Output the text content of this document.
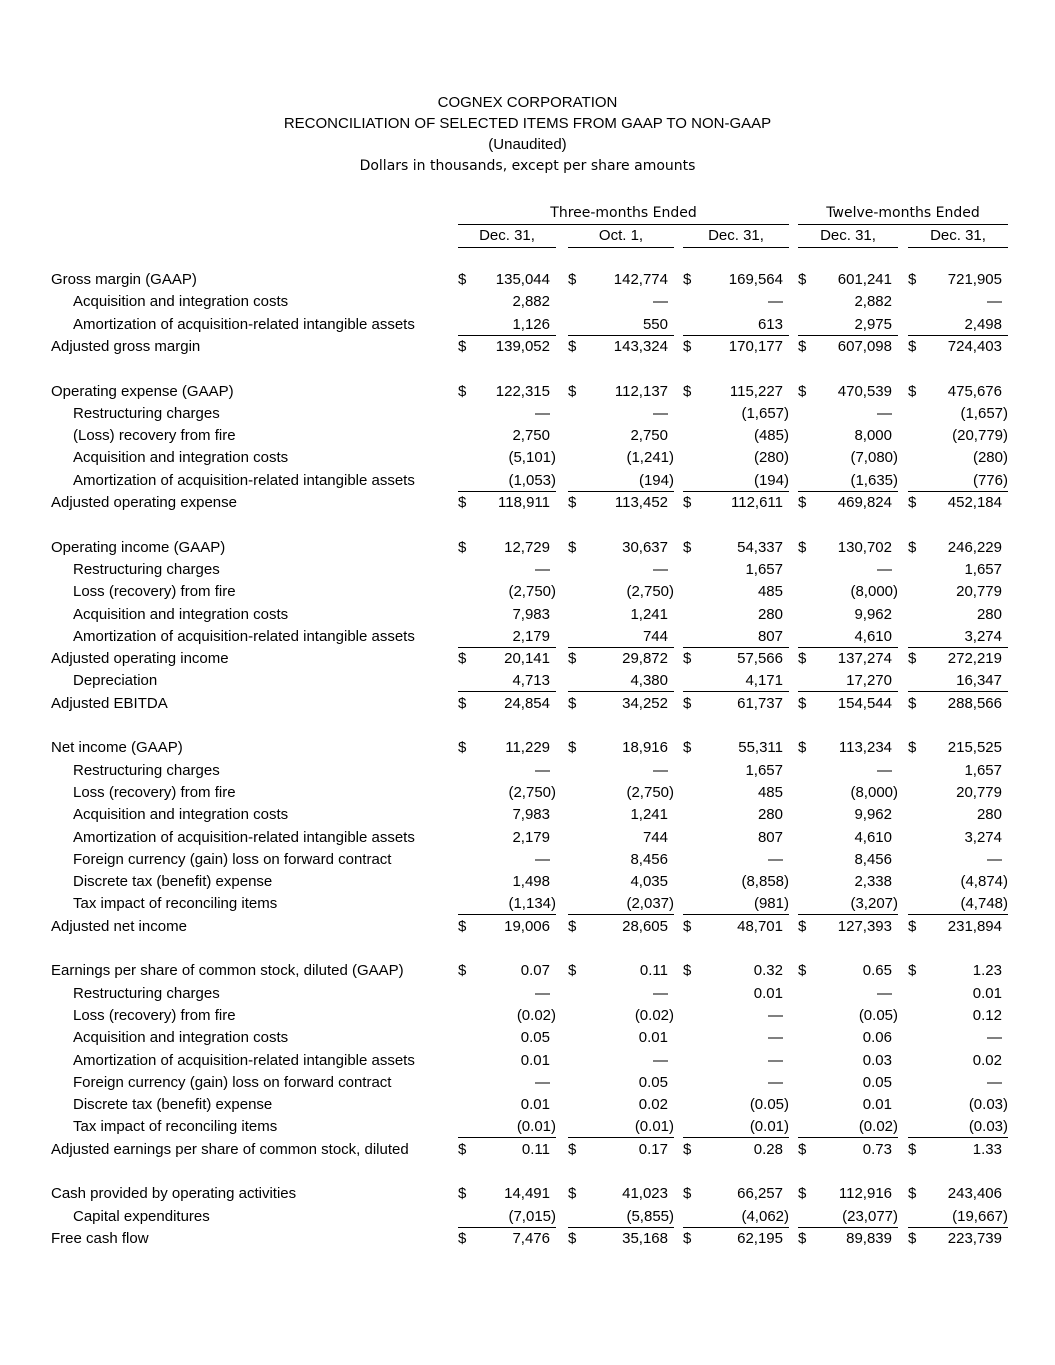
COGNEX CORPORATION
RECONCILIATION OF SELECTED ITEMS FROM GAAP TO NON-GAAP
(Unaudited)
Dollars in thousands, except per share amounts
Three-months Ended	Twelve-months Ended
Dec. 31,	Oct. 1,	Dec. 31,	Dec. 31,	Dec. 31,
Gross margin (GAAP)	$ 135,044 $ 142,774 $ 169,564 $ 601,241 $ 721,905
Acquisition and integration costs	2,882	—	—	2,882	—
Amortization of acquisition-related intangible assets	1,126	550	613	2,975	2,498
Adjusted gross margin	$ 139,052 $ 143,324 $ 170,177 $ 607,098 $ 724,403
Operating expense (GAAP)	$ 122,315 $	112,137 $	115,227 $ 470,539 $ 475,676
Restructuring charges	—	—	(1,657)	—	(1,657)
(Loss) recovery from fire	2,750	2,750	(485)	8,000	(20,779)
Acquisition and integration costs	(5,101)	(1,241)	(280)	(7,080)	(280)
Amortization of acquisition-related intangible assets	(1,053)	(194)	(194)	(1,635)	(776)
Adjusted operating expense	$ 118,911 $	113,452 $	112,611 $ 469,824 $ 452,184
Operating income (GAAP)	$	12,729 $	30,637 $	54,337 $ 130,702 $ 246,229
Restructuring charges	—	—	1,657	—	1,657
Loss (recovery) from fire	(2,750)	(2,750)	485	(8,000)	20,779
Acquisition and integration costs	7,983	1,241	280	9,962	280
Amortization of acquisition-related intangible assets	2,179	744	807	4,610	3,274
Adjusted operating income	$	20,141 $	29,872 $	57,566 $ 137,274 $ 272,219
Depreciation	4,713	4,380	4,171	17,270	16,347
Adjusted EBITDA	$	24,854 $	34,252 $	61,737 $ 154,544 $ 288,566
Net income (GAAP)	$	11,229 $	18,916 $	55,311 $ 113,234 $ 215,525
Restructuring charges	—	—	1,657	—	1,657
Loss (recovery) from fire	(2,750)	(2,750)	485	(8,000)	20,779
Acquisition and integration costs	7,983	1,241	280	9,962	280
Amortization of acquisition-related intangible assets	2,179	744	807	4,610	3,274
Foreign currency (gain) loss on forward contract	—	8,456	—	8,456	—
Discrete tax (benefit) expense	1,498	4,035	(8,858)	2,338	(4,874)
Tax impact of reconciling items	(1,134)	(2,037)	(981)	(3,207)	(4,748)
Adjusted net income	$	19,006 $	28,605 $	48,701 $ 127,393 $ 231,894
Earnings per share of common stock, diluted (GAAP)	$	0.07 $	0.11 $	0.32 $	0.65 $	1.23
Restructuring charges	—	—	0.01	—	0.01
Loss (recovery) from fire	(0.02)	(0.02)	—	(0.05)	0.12
Acquisition and integration costs	0.05	0.01	—	0.06	—
Amortization of acquisition-related intangible assets	0.01	—	—	0.03	0.02
Foreign currency (gain) loss on forward contract	—	0.05	—	0.05	—
Discrete tax (benefit) expense	0.01	0.02	(0.05)	0.01	(0.03)
Tax impact of reconciling items	(0.01)	(0.01)	(0.01)	(0.02)	(0.03)
Adjusted earnings per share of common stock, diluted	$	0.11 $	0.17 $	0.28 $	0.73 $	1.33
Cash provided by operating activities	$	14,491 $	41,023 $	66,257 $ 112,916 $ 243,406
Capital expenditures	(7,015)	(5,855)	(4,062)	(23,077)	(19,667)
Free cash flow	$	7,476 $	35,168 $	62,195 $	89,839 $ 223,739
